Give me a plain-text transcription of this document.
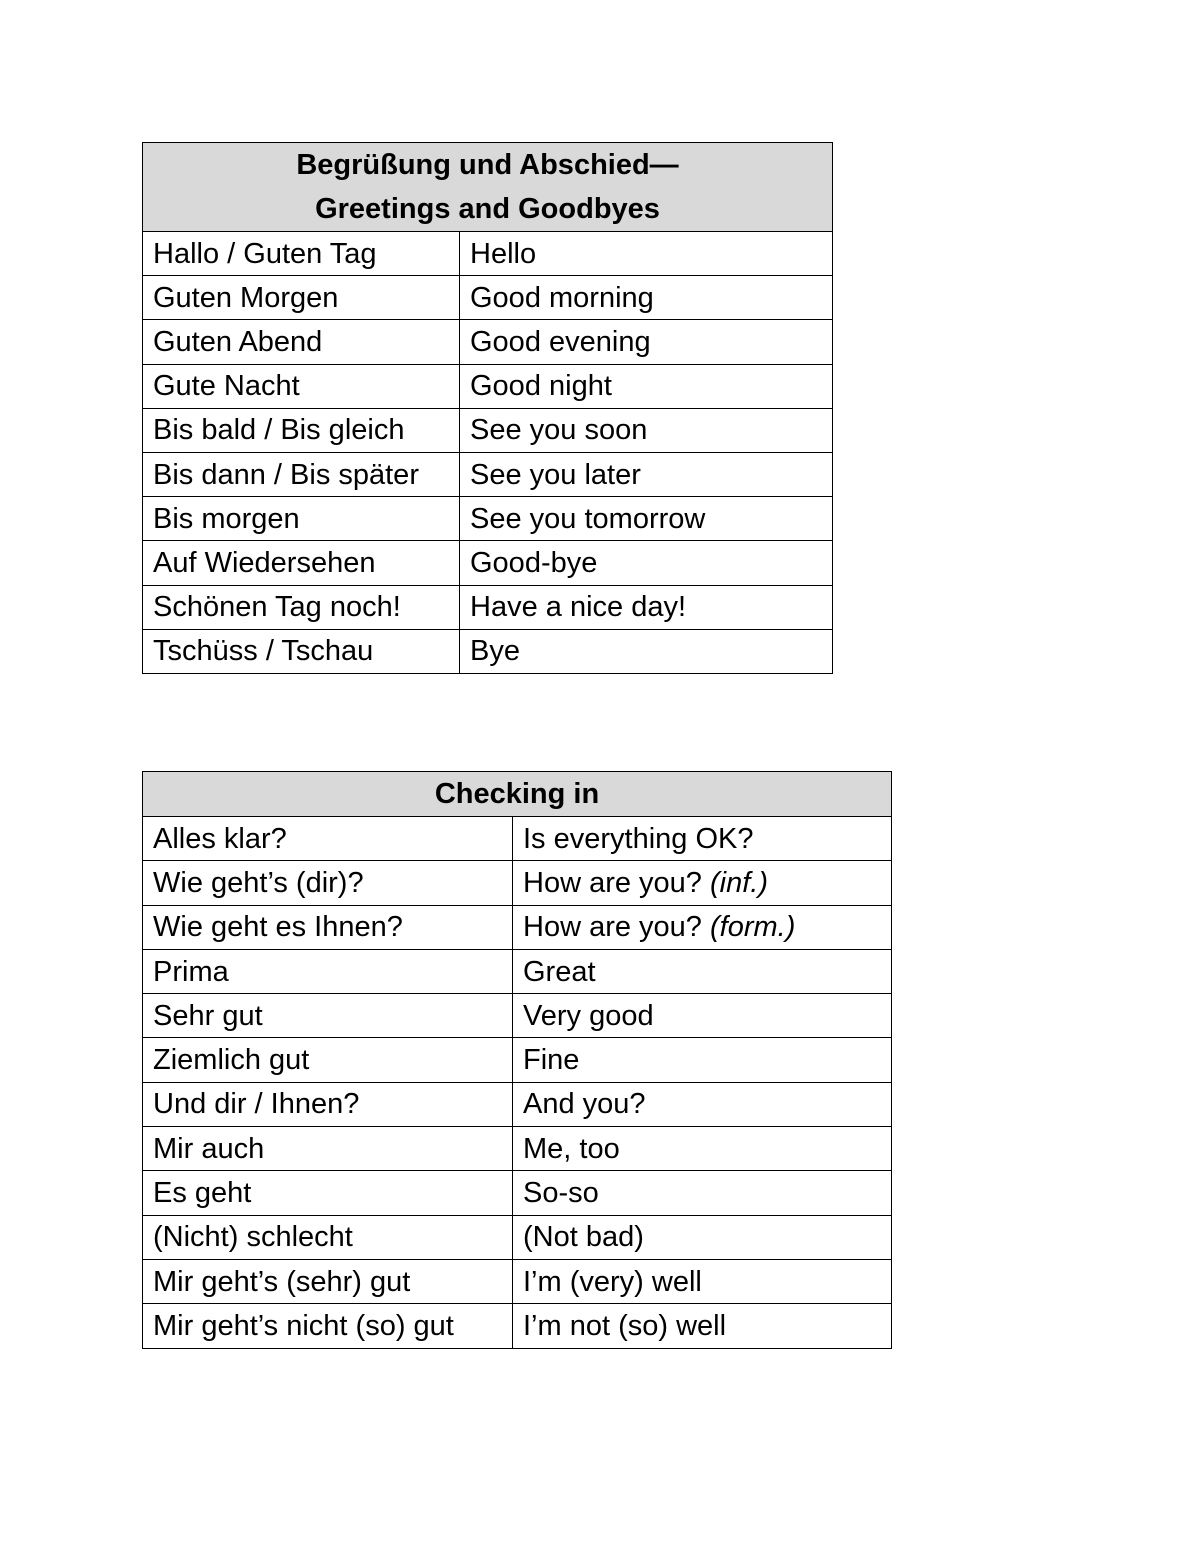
Begrüßung und Abschied—
Greetings and Goodbyes	

Hallo / Guten Tag	Hello
Guten Morgen	Good morning
Guten Abend	Good evening
Gute Nacht	Good night
Bis bald / Bis gleich	See you soon
Bis dann / Bis später	See you later
Bis morgen	See you tomorrow
Auf Wiedersehen	Good-bye
Schönen Tag noch!	Have a nice day!
Tschüss / Tschau	Bye
Checking in	
Alles klar?	Is everything OK?
Wie geht’s (dir)?	How are you? (inf.)
Wie geht es Ihnen?	How are you? (form.)
Prima	Great
Sehr gut	Very good
Ziemlich gut	Fine
Und dir / Ihnen?	And you?
Mir auch	Me, too
Es geht	So-so
(Nicht) schlecht	(Not bad)
Mir geht’s (sehr) gut	I’m (very) well
Mir geht’s nicht (so) gut	I’m not (so) well
